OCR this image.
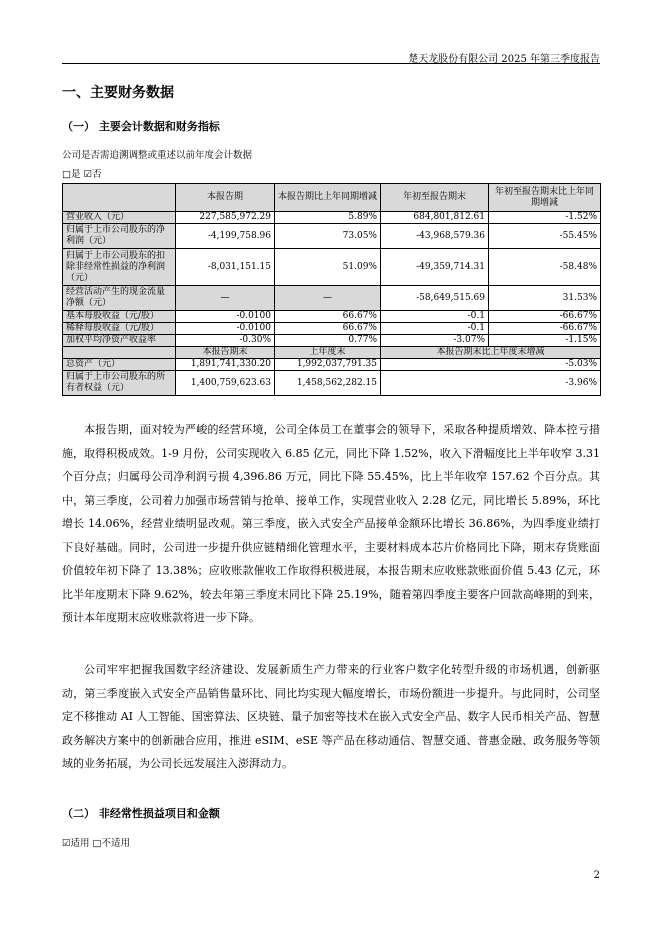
楚天龙股份有限公司 2025 年第三季度报告
一、主要财务数据
（一） 主要会计数据和财务指标
公司是否需追溯调整或重述以前年度会计数据
□是 ☑否
	本报告期	本报告期比上年同期增减	年初至报告期末	年初至报告期末比上年同期增减
营业收入（元）	227,585,972.29	5.89%	684,801,812.61	-1.52%
归属于上市公司股东的净利润（元）	-4,199,758.96	73.05%	-43,968,579.36	-55.45%
归属于上市公司股东的扣除非经常性损益的净利润（元）	-8,031,151.15	51.09%	-49,359,714.31	-58.48%
经营活动产生的现金流量净额（元）	—	—	-58,649,515.69	31.53%
基本每股收益（元/股）	-0.0100	66.67%	-0.1	-66.67%
稀释每股收益（元/股）	-0.0100	66.67%	-0.1	-66.67%
加权平均净资产收益率	-0.30%	0.77%	-3.07%	-1.15%
	本报告期末	上年度末	本报告期末比上年度末增减	
总资产（元）	1,891,741,330.20	1,992,037,791.35	-5.03%	
归属于上市公司股东的所有者权益（元）	1,400,759,623.63	1,458,562,282.15	-3.96%	

本报告期，面对较为严峻的经营环境，公司全体员工在董事会的领导下，采取各种提质增效、降本控亏措施，取得积极成效。1-9 月份，公司实现收入 6.85 亿元，同比下降 1.52%，收入下滑幅度比上半年收窄 3.31 个百分点；归属母公司净利润亏损 4,396.86 万元，同比下降 55.45%，比上半年收窄 157.62 个百分点。其中，第三季度，公司着力加强市场营销与抢单、接单工作，实现营业收入 2.28 亿元，同比增长 5.89%，环比增长 14.06%，经营业绩明显改观。第三季度，嵌入式安全产品接单金额环比增长 36.86%，为四季度业绩打下良好基础。同时，公司进一步提升供应链精细化管理水平，主要材料成本芯片价格同比下降，期末存货账面价值较年初下降了 13.38%；应收账款催收工作取得积极进展，本报告期末应收账款账面价值 5.43 亿元，环比半年度期末下降 9.62%，较去年第三季度末同比下降 25.19%，随着第四季度主要客户回款高峰期的到来，预计本年度期末应收账款将进一步下降。

公司牢牢把握我国数字经济建设、发展新质生产力带来的行业客户数字化转型升级的市场机遇，创新驱动，第三季度嵌入式安全产品销售量环比、同比均实现大幅度增长，市场份额进一步提升。与此同时，公司坚定不移推动 AI 人工智能、国密算法、区块链、量子加密等技术在嵌入式安全产品、数字人民币相关产品、智慧政务解决方案中的创新融合应用，推进 eSIM、eSE 等产品在移动通信、智慧交通、普惠金融、政务服务等领域的业务拓展，为公司长远发展注入澎湃动力。

（二） 非经常性损益项目和金额
☑适用 □不适用
2
